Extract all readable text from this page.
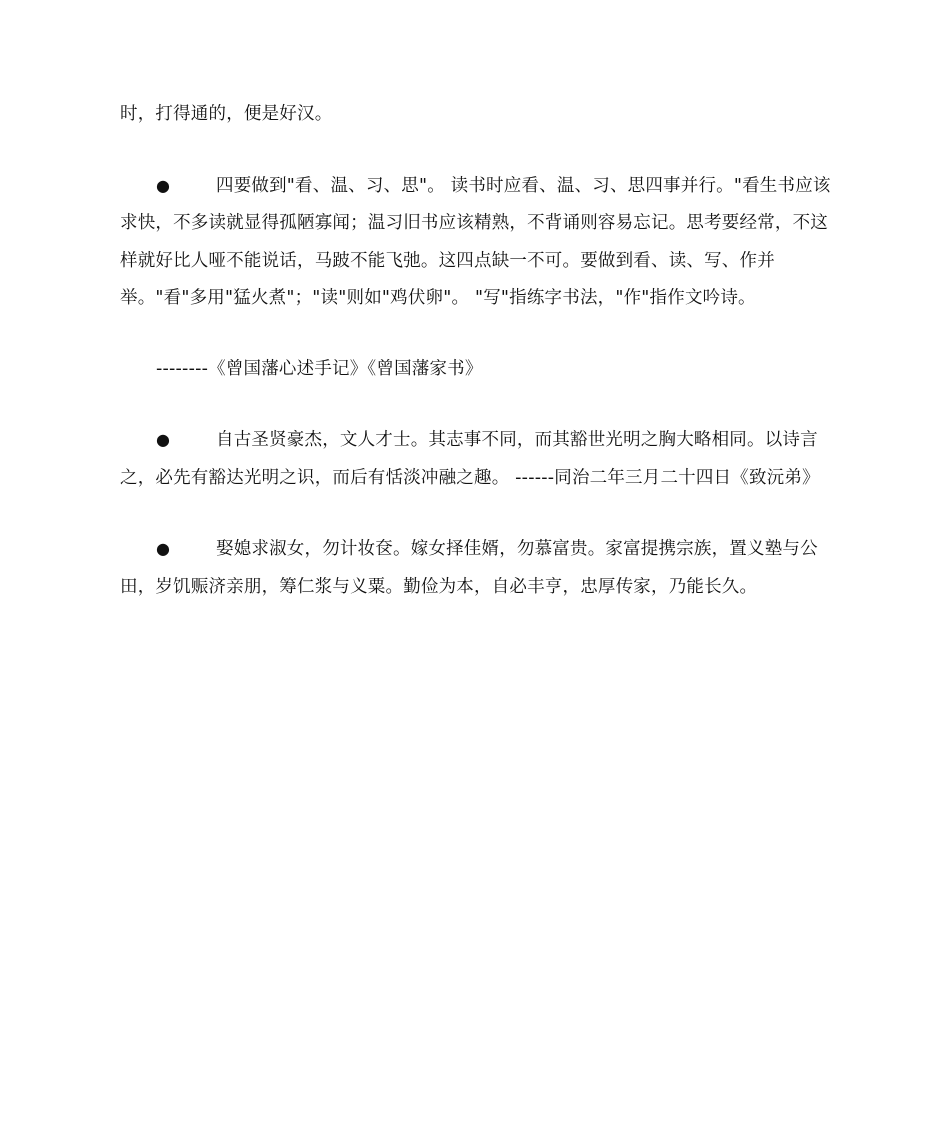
时，打得通的，便是好汉。

●	四要做到"看、温、习、思"。 读书时应看、温、习、思四事并行。"看生书应该求快，不多读就显得孤陋寡闻；温习旧书应该精熟，不背诵则容易忘记。思考要经常，不这样就好比人哑不能说话，马跛不能飞弛。这四点缺一不可。要做到看、读、写、作并举。"看"多用"猛火煮"；"读"则如"鸡伏卵"。 "写"指练字书法，"作"指作文吟诗。

--------《曾国藩心述手记》《曾国藩家书》

●	自古圣贤豪杰，文人才士。其志事不同，而其豁世光明之胸大略相同。以诗言之，必先有豁达光明之识，而后有恬淡冲融之趣。 ------同治二年三月二十四日《致沅弟》

●	娶媳求淑女，勿计妆奁。嫁女择佳婿，勿慕富贵。家富提携宗族，置义塾与公田，岁饥赈济亲朋，筹仁浆与义粟。勤俭为本，自必丰亨，忠厚传家，乃能长久。
